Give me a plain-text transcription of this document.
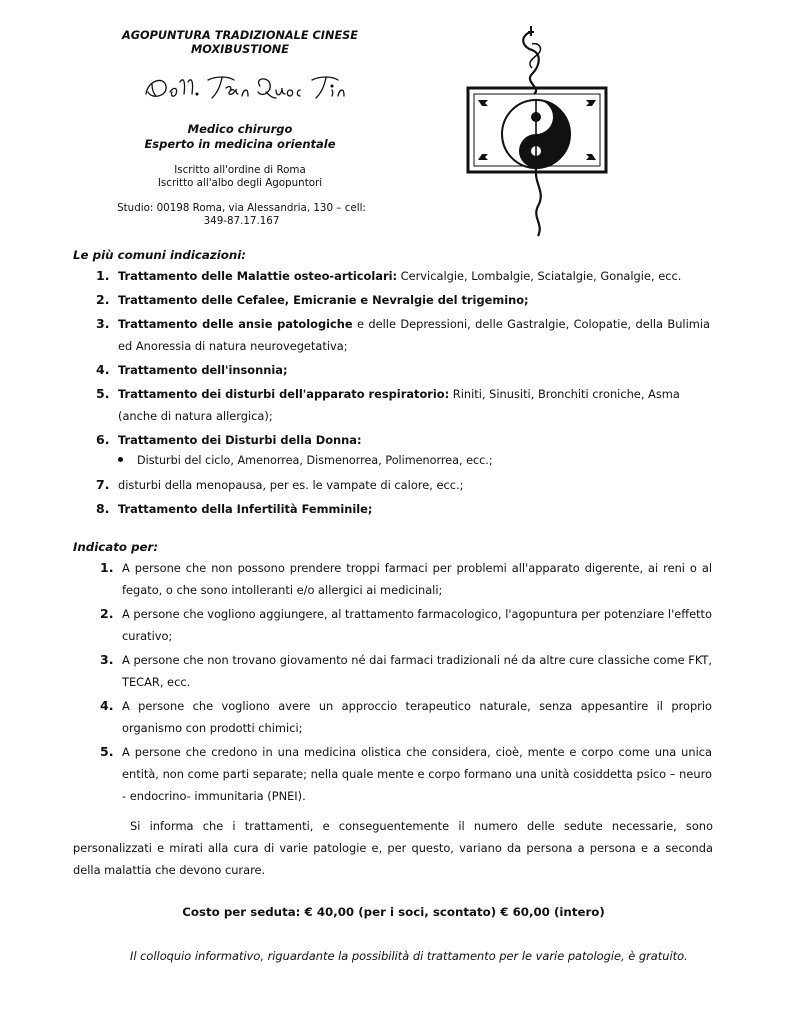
AGOPUNTURA TRADIZIONALE CINESE
MOXIBUSTIONE
Medico chirurgo
Esperto in medicina orientale
Iscritto all'ordine di Roma
Iscritto all'albo degli Agopuntori
Studio: 00198 Roma, via Alessandria, 130 – cell:
349-87.17.167
Le più comuni indicazioni:
1. Trattamento delle Malattie osteo-articolari: Cervicalgie, Lombalgie, Sciatalgie, Gonalgie, ecc.
2. Trattamento delle Cefalee, Emicranie e Nevralgie del trigemino;
3. Trattamento delle ansie patologiche e delle Depressioni, delle Gastralgie, Colopatie, della Bulimia ed Anoressia di natura neurovegetativa;
4. Trattamento dell'insonnia;
5. Trattamento dei disturbi dell'apparato respiratorio: Riniti, Sinusiti, Bronchiti croniche, Asma (anche di natura allergica);
6. Trattamento dei Disturbi della Donna:
Disturbi del ciclo, Amenorrea, Dismenorrea, Polimenorrea, ecc.;
7. disturbi della menopausa, per es. le vampate di calore, ecc.;
8. Trattamento della Infertilità Femminile;
Indicato per:
1. A persone che non possono prendere troppi farmaci per problemi all'apparato digerente, ai reni o al fegato, o che sono intolleranti e/o allergici ai medicinali;
2. A persone che vogliono aggiungere, al trattamento farmacologico, l'agopuntura per potenziare l'effetto curativo;
3. A persone che non trovano giovamento né dai farmaci tradizionali né da altre cure classiche come FKT, TECAR, ecc.
4. A persone che vogliono avere un approccio terapeutico naturale, senza appesantire il proprio organismo con prodotti chimici;
5. A persone che credono in una medicina olistica che considera, cioè, mente e corpo come una unica entità, non come parti separate; nella quale mente e corpo formano una unità cosiddetta psico – neuro - endocrino- immunitaria (PNEI).
Si informa che i trattamenti, e conseguentemente il numero delle sedute necessarie, sono personalizzati e mirati alla cura di varie patologie e, per questo, variano da persona a persona e a seconda della malattia che devono curare.
Costo per seduta: € 40,00 (per i soci, scontato) € 60,00 (intero)
Il colloquio informativo, riguardante la possibilità di trattamento per le varie patologie, è gratuito.
